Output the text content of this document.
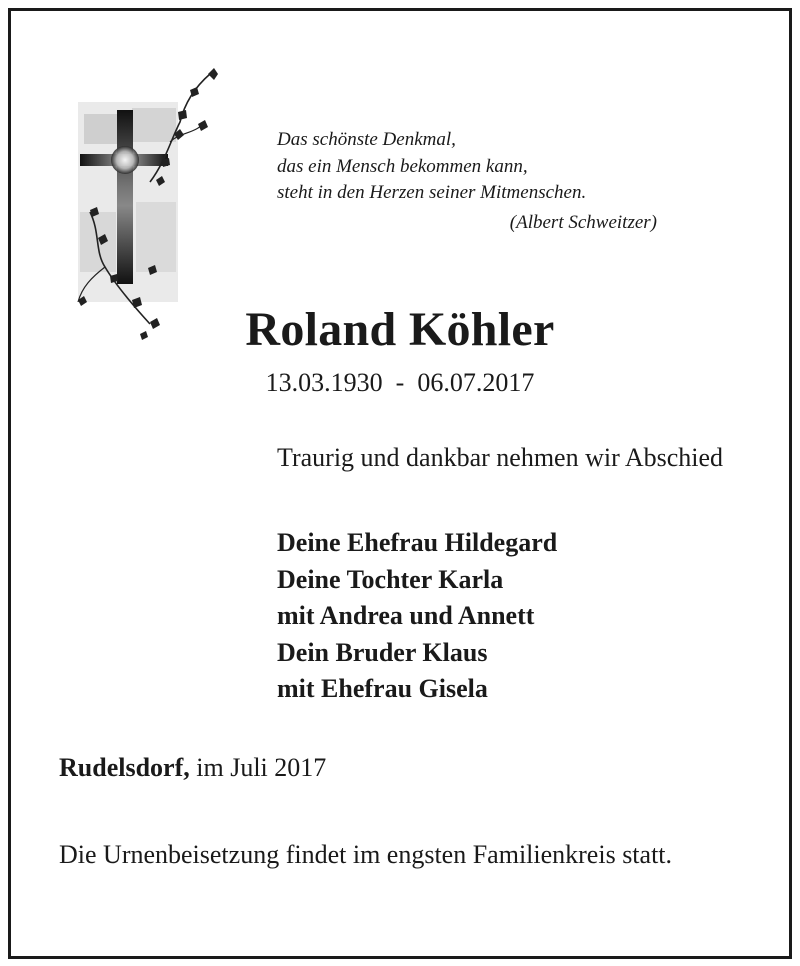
Das schönste Denkmal,
das ein Mensch bekommen kann,
steht in den Herzen seiner Mitmenschen.
(Albert Schweitzer)
Roland Köhler
13.03.1930 - 06.07.2017
Traurig und dankbar nehmen wir Abschied
Deine Ehefrau Hildegard
Deine Tochter Karla
mit Andrea und Annett
Dein Bruder Klaus
mit Ehefrau Gisela
Rudelsdorf, im Juli 2017
Die Urnenbeisetzung findet im engsten Familienkreis statt.
